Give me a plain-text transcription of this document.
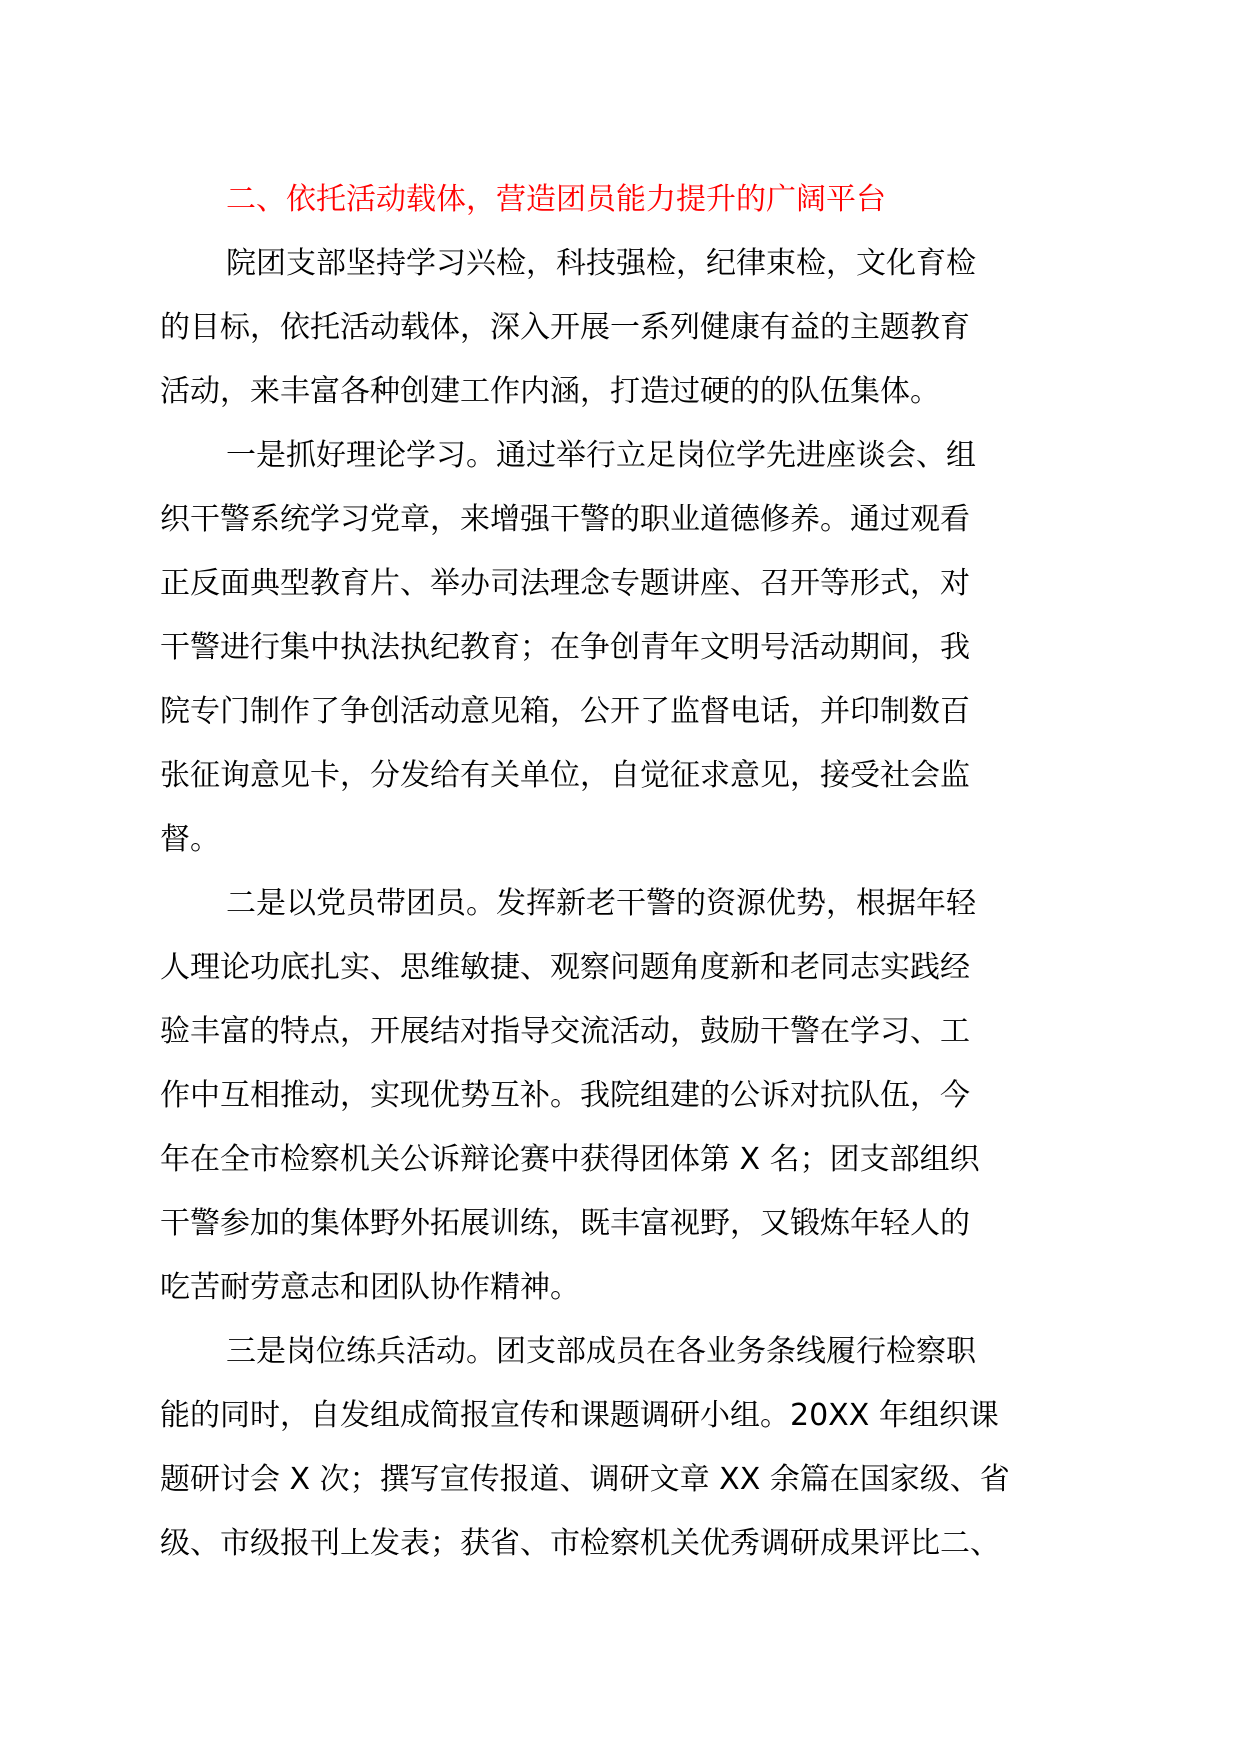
二、依托活动载体，营造团员能力提升的广阔平台
院团支部坚持学习兴检，科技强检，纪律束检，文化育检
的目标，依托活动载体，深入开展一系列健康有益的主题教育
活动，来丰富各种创建工作内涵，打造过硬的的队伍集体。
一是抓好理论学习。通过举行立足岗位学先进座谈会、组
织干警系统学习党章，来增强干警的职业道德修养。通过观看
正反面典型教育片、举办司法理念专题讲座、召开等形式，对
干警进行集中执法执纪教育；在争创青年文明号活动期间，我
院专门制作了争创活动意见箱，公开了监督电话，并印制数百
张征询意见卡，分发给有关单位，自觉征求意见，接受社会监
督。
二是以党员带团员。发挥新老干警的资源优势，根据年轻
人理论功底扎实、思维敏捷、观察问题角度新和老同志实践经
验丰富的特点，开展结对指导交流活动，鼓励干警在学习、工
作中互相推动，实现优势互补。我院组建的公诉对抗队伍，今
年在全市检察机关公诉辩论赛中获得团体第 X 名；团支部组织
干警参加的集体野外拓展训练，既丰富视野，又锻炼年轻人的
吃苦耐劳意志和团队协作精神。
三是岗位练兵活动。团支部成员在各业务条线履行检察职
能的同时，自发组成简报宣传和课题调研小组。20XX 年组织课
题研讨会 X 次；撰写宣传报道、调研文章 XX 余篇在国家级、省
级、市级报刊上发表；获省、市检察机关优秀调研成果评比二、
